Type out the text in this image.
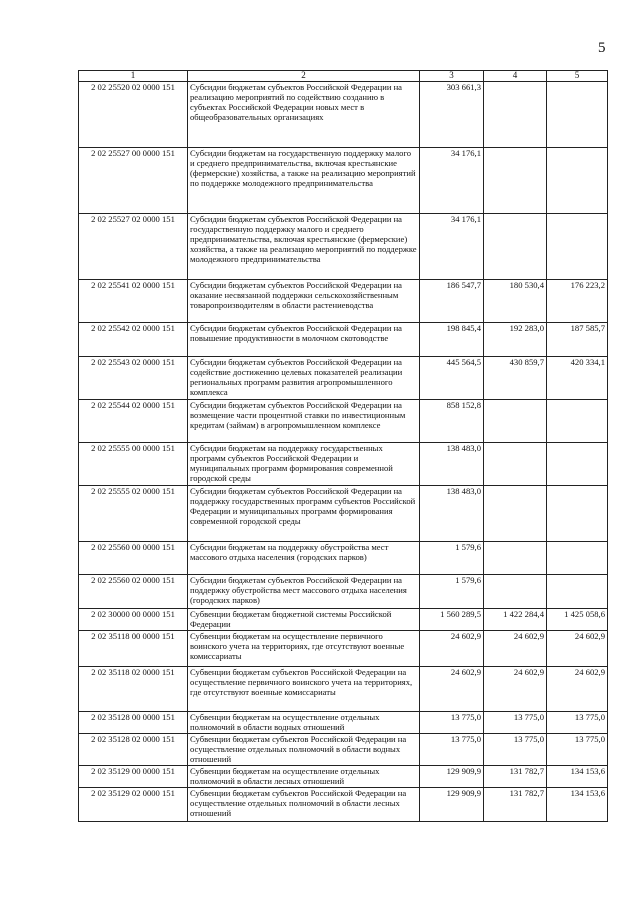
5
1	2	3	4	5
2 02 25520 02 0000 151	Субсидии бюджетам субъектов Российской Федерации на реализацию мероприятий по содействию созданию в субъектах Российской Федерации новых мест в общеобразовательных организациях	303 661,3		
2 02 25527 00 0000 151	Субсидии бюджетам на государственную поддержку малого и среднего предпринимательства, включая крестьянские (фермерские) хозяйства, а также на реализацию мероприятий по поддержке молодежного предпринимательства	34 176,1		
2 02 25527 02 0000 151	Субсидии бюджетам субъектов Российской Федерации на государственную поддержку малого и среднего предпринимательства, включая крестьянские (фермерские) хозяйства, а также на реализацию мероприятий по поддержке молодежного предпринимательства	34 176,1		
2 02 25541 02 0000 151	Субсидии бюджетам субъектов Российской Федерации на оказание несвязанной поддержки сельскохозяйственным товаропроизводителям в области растениеводства	186 547,7	180 530,4	176 223,2
2 02 25542 02 0000 151	Субсидии бюджетам субъектов Российской Федерации на повышение продуктивности в молочном скотоводстве	198 845,4	192 283,0	187 585,7
2 02 25543 02 0000 151	Субсидии бюджетам субъектов Российской Федерации на содействие достижению целевых показателей реализации региональных программ развития агропромышленного комплекса	445 564,5	430 859,7	420 334,1
2 02 25544 02 0000 151	Субсидии бюджетам субъектов Российской Федерации на возмещение части процентной ставки по инвестиционным кредитам (займам) в агропромышленном комплексе	858 152,8		
2 02 25555 00 0000 151	Субсидии бюджетам на поддержку государственных программ субъектов Российской Федерации и муниципальных программ формирования современной городской среды	138 483,0		
2 02 25555 02 0000 151	Субсидии бюджетам субъектов Российской Федерации на поддержку государственных программ субъектов Российской Федерации и муниципальных программ формирования современной городской среды	138 483,0		
2 02 25560 00 0000 151	Субсидии бюджетам на поддержку обустройства мест массового отдыха населения (городских парков)	1 579,6		
2 02 25560 02 0000 151	Субсидии бюджетам субъектов Российской Федерации на поддержку обустройства мест массового отдыха населения (городских парков)	1 579,6		
2 02 30000 00 0000 151	Субвенции бюджетам бюджетной системы Российской Федерации	1 560 289,5	1 422 284,4	1 425 058,6
2 02 35118 00 0000 151	Субвенции бюджетам на осуществление первичного воинского учета на территориях, где отсутствуют военные комиссариаты	24 602,9	24 602,9	24 602,9
2 02 35118 02 0000 151	Субвенции бюджетам субъектов Российской Федерации на осуществление первичного воинского учета на территориях, где отсутствуют военные комиссариаты	24 602,9	24 602,9	24 602,9
2 02 35128 00 0000 151	Субвенции бюджетам на осуществление отдельных полномочий в области водных отношений	13 775,0	13 775,0	13 775,0
2 02 35128 02 0000 151	Субвенции бюджетам субъектов Российской Федерации на осуществление отдельных полномочий в области водных отношений	13 775,0	13 775,0	13 775,0
2 02 35129 00 0000 151	Субвенции бюджетам на осуществление отдельных полномочий в области лесных отношений	129 909,9	131 782,7	134 153,6
2 02 35129 02 0000 151	Субвенции бюджетам субъектов Российской Федерации на осуществление отдельных полномочий в области лесных отношений	129 909,9	131 782,7	134 153,6
